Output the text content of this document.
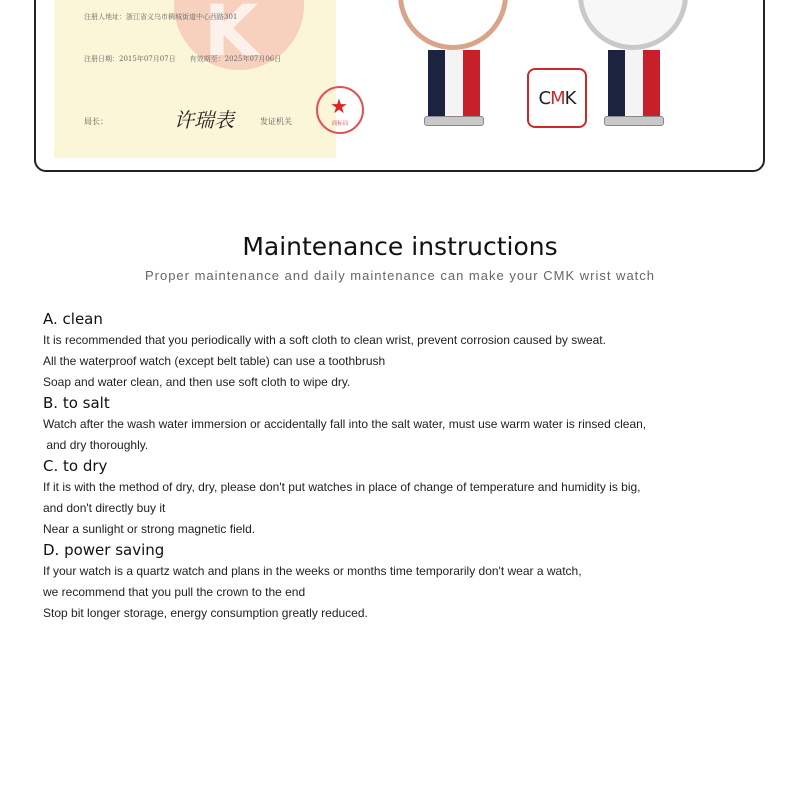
K
注册人地址：浙江省义乌市稠城街道中心西路301
注册日期：2015年07月07日　　有效期至：2025年07月06日
局长：	许瑞表	发证机关
★
商标局
CMK
Maintenance instructions
Proper maintenance and daily maintenance can make your CMK wrist watch
A. clean
It is recommended that you periodically with a soft cloth to clean wrist, prevent corrosion caused by sweat.
All the waterproof watch (except belt table) can use a toothbrush
Soap and water clean, and then use soft cloth to wipe dry.
B. to salt
Watch after the wash water immersion or accidentally fall into the salt water, must use warm water is rinsed clean,
and dry thoroughly.
C. to dry
If it is with the method of dry, dry, please don't put watches in place of change of temperature and humidity is big,
and don't directly buy it
Near a sunlight or strong magnetic field.
D. power saving
If your watch is a quartz watch and plans in the weeks or months time temporarily don't wear a watch,
we recommend that you pull the crown to the end
Stop bit longer storage, energy consumption greatly reduced.
